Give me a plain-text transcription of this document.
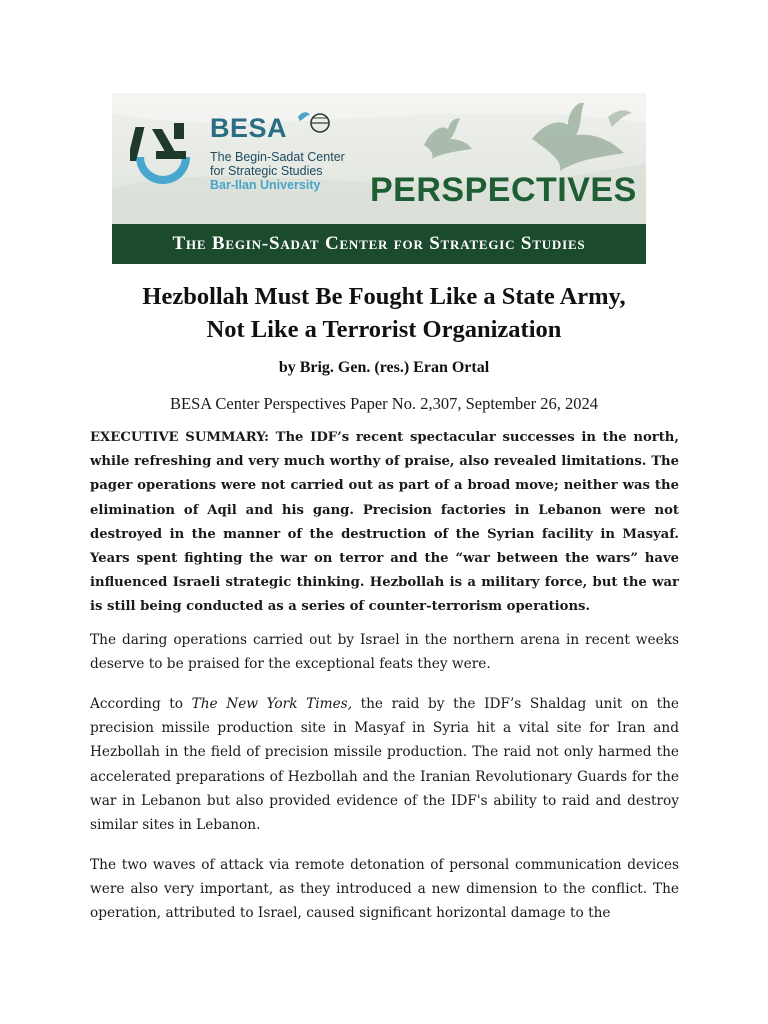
BESA
The Begin-Sadat Center
for Strategic Studies
Bar-Ilan University PERSPECTIVES
The Begin-Sadat Center for Strategic Studies
Hezbollah Must Be Fought Like a State Army,
Not Like a Terrorist Organization
by Brig. Gen. (res.) Eran Ortal
BESA Center Perspectives Paper No. 2,307, September 26, 2024

EXECUTIVE SUMMARY: The IDF’s recent spectacular successes in the north, while refreshing and very much worthy of praise, also revealed limitations. The pager operations were not carried out as part of a broad move; neither was the elimination of Aqil and his gang. Precision factories in Lebanon were not destroyed in the manner of the destruction of the Syrian facility in Masyaf. Years spent fighting the war on terror and the “war between the wars” have influenced Israeli strategic thinking. Hezbollah is a military force, but the war is still being conducted as a series of counter-terrorism operations.

The daring operations carried out by Israel in the northern arena in recent weeks deserve to be praised for the exceptional feats they were.

According to The New York Times, the raid by the IDF’s Shaldag unit on the precision missile production site in Masyaf in Syria hit a vital site for Iran and Hezbollah in the field of precision missile production. The raid not only harmed the accelerated preparations of Hezbollah and the Iranian Revolutionary Guards for the war in Lebanon but also provided evidence of the IDF's ability to raid and destroy similar sites in Lebanon.

The two waves of attack via remote detonation of personal communication devices were also very important, as they introduced a new dimension to the conflict. The operation, attributed to Israel, caused significant horizontal damage to the
